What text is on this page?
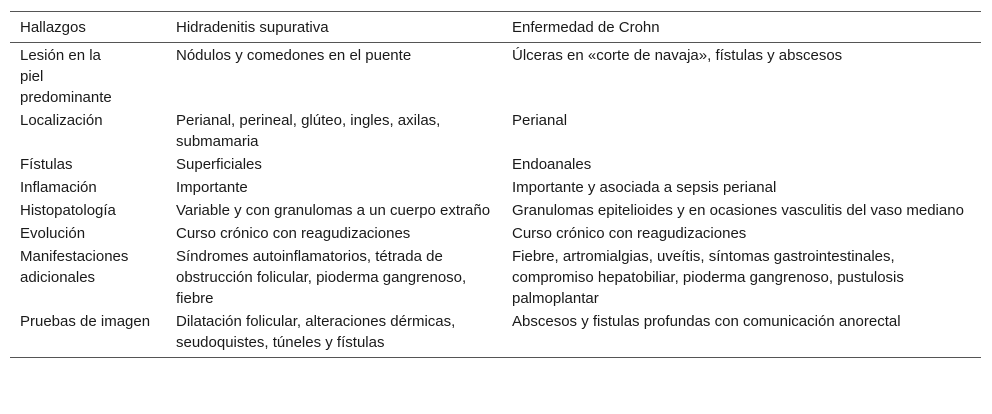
Hallazgos	Hidradenitis supurativa	Enfermedad de Crohn
Lesión en la piel predominante	Nódulos y comedones en el puente	Úlceras en «corte de navaja», fístulas y abscesos
Localización	Perianal, perineal, glúteo, ingles, axilas, submamaria	Perianal
Fístulas	Superficiales	Endoanales
Inflamación	Importante	Importante y asociada a sepsis perianal
Histopatología	Variable y con granulomas a un cuerpo extraño	Granulomas epitelioides y en ocasiones vasculitis del vaso mediano
Evolución	Curso crónico con reagudizaciones	Curso crónico con reagudizaciones
Manifestaciones adicionales	Síndromes autoinflamatorios, tétrada de obstrucción folicular, pioderma gangrenoso, fiebre	Fiebre, artromialgias, uveítis, síntomas gastrointestinales, compromiso hepatobiliar, pioderma gangrenoso, pustulosis palmoplantar
Pruebas de imagen	Dilatación folicular, alteraciones dérmicas, seudoquistes, túneles y fístulas	Abscesos y fistulas profundas con comunicación anorectal
